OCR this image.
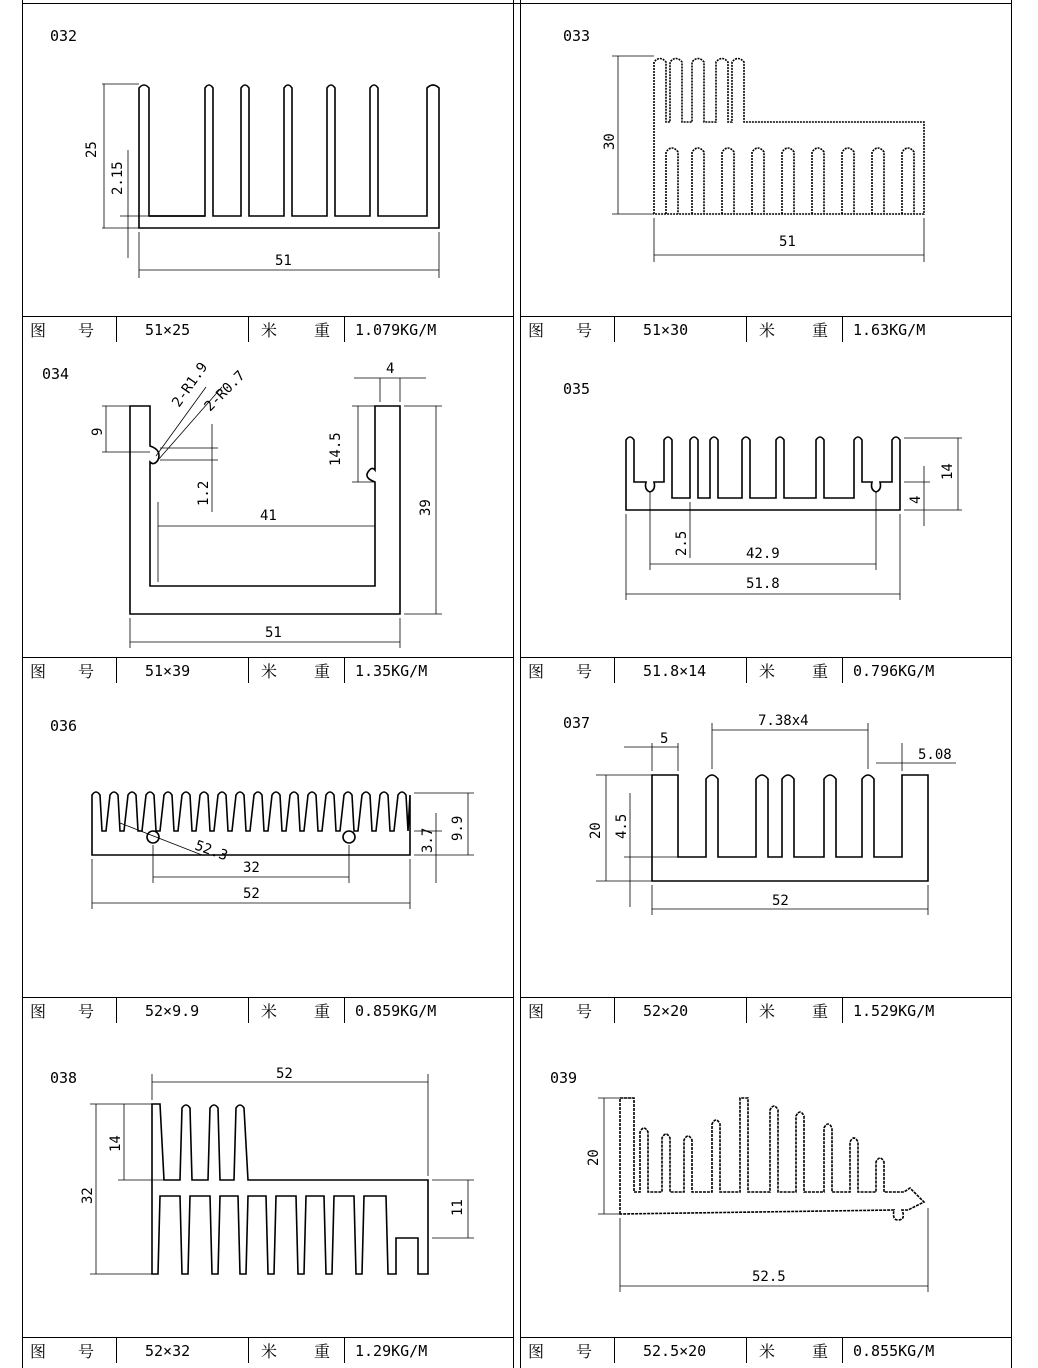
032
25
2.15
51
图 号	51×25	米 重	1.079KG/M
033
30
51
图 号	51×30	米 重	1.63KG/M
034	2-R1.9
2-R0.7	4
9
1.2
14.5
41	39
51
图 号	51×39	米 重	1.35KG/M
035
14
4
2.5	42.9
51.8
图 号	51.8×14	米 重	0.796KG/M
036
9.9
3.7
52.3
32
52
图 号	52×9.9	米 重	0.859KG/M
037
5
7.38x4
5.08
20 4.5
52
图 号	52×20	米 重	1.529KG/M
038	52
14
32
11
图 号	52×32	米 重	1.29KG/M
039
20
52.5
图 号	52.5×20	米 重	0.855KG/M
